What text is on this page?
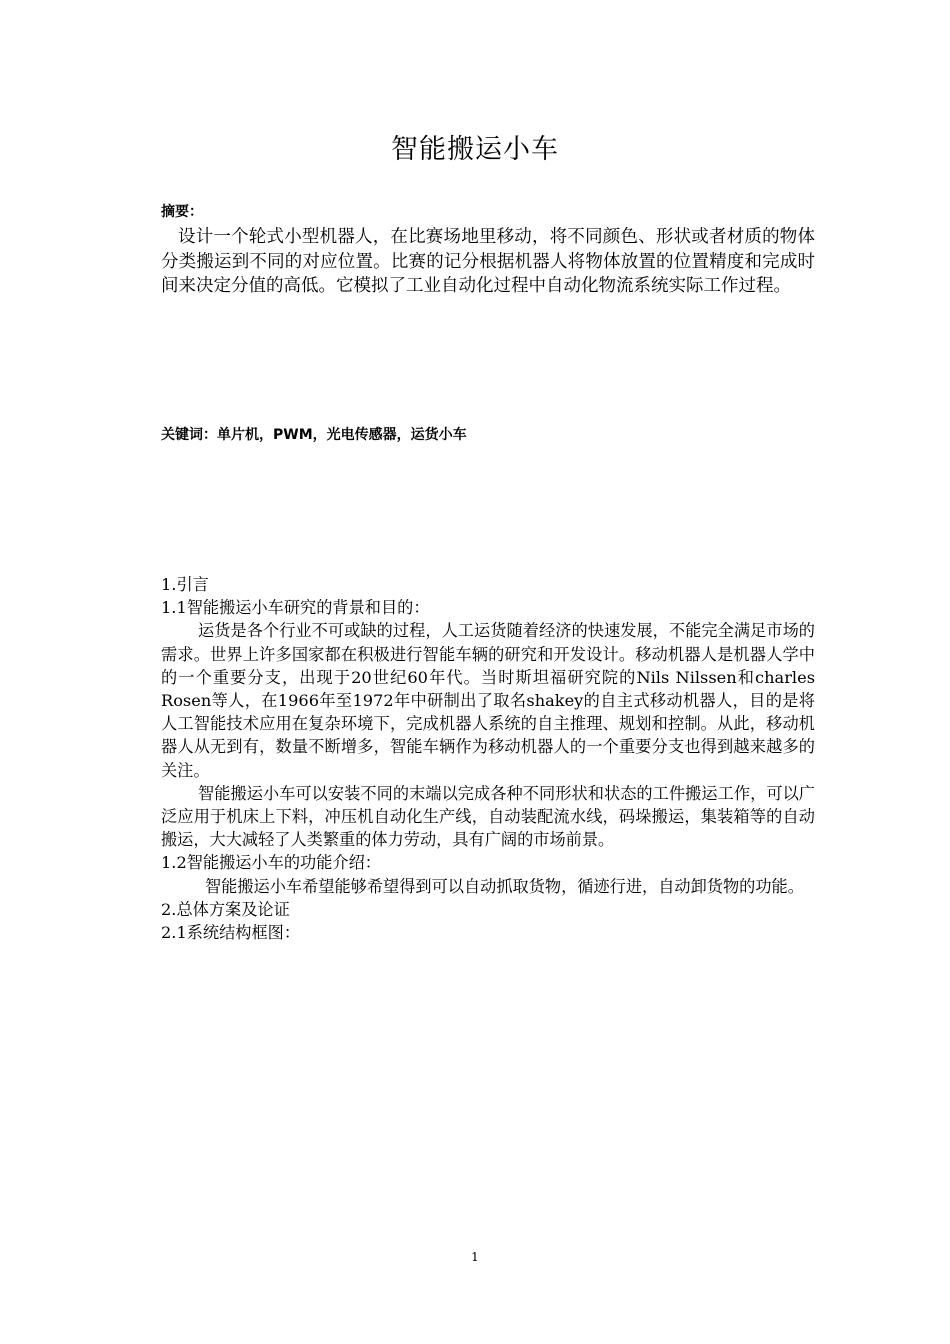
智能搬运小车
摘要：

设计一个轮式小型机器人，在比赛场地里移动，将不同颜色、形状或者材质的物体分类搬运到不同的对应位置。比赛的记分根据机器人将物体放置的位置精度和完成时间来决定分值的高低。它模拟了工业自动化过程中自动化物流系统实际工作过程。

关键词：单片机，PWM，光电传感器，运货小车

1.引言

1.1智能搬运小车研究的背景和目的：

运货是各个行业不可或缺的过程，人工运货随着经济的快速发展，不能完全满足市场的需求。世界上许多国家都在积极进行智能车辆的研究和开发设计。移动机器人是机器人学中的一个重要分支，出现于20世纪60年代。当时斯坦福研究院的Nils Nilssen和charles Rosen等人，在1966年至1972年中研制出了取名shakey的自主式移动机器人，目的是将人工智能技术应用在复杂环境下，完成机器人系统的自主推理、规划和控制。从此，移动机器人从无到有，数量不断增多，智能车辆作为移动机器人的一个重要分支也得到越来越多的关注。

智能搬运小车可以安装不同的末端以完成各种不同形状和状态的工件搬运工作，可以广泛应用于机床上下料，冲压机自动化生产线，自动装配流水线，码垛搬运，集装箱等的自动搬运，大大减轻了人类繁重的体力劳动，具有广阔的市场前景。

1.2智能搬运小车的功能介绍：

智能搬运小车希望能够希望得到可以自动抓取货物，循迹行进，自动卸货物的功能。

2.总体方案及论证

2.1系统结构框图：

1
